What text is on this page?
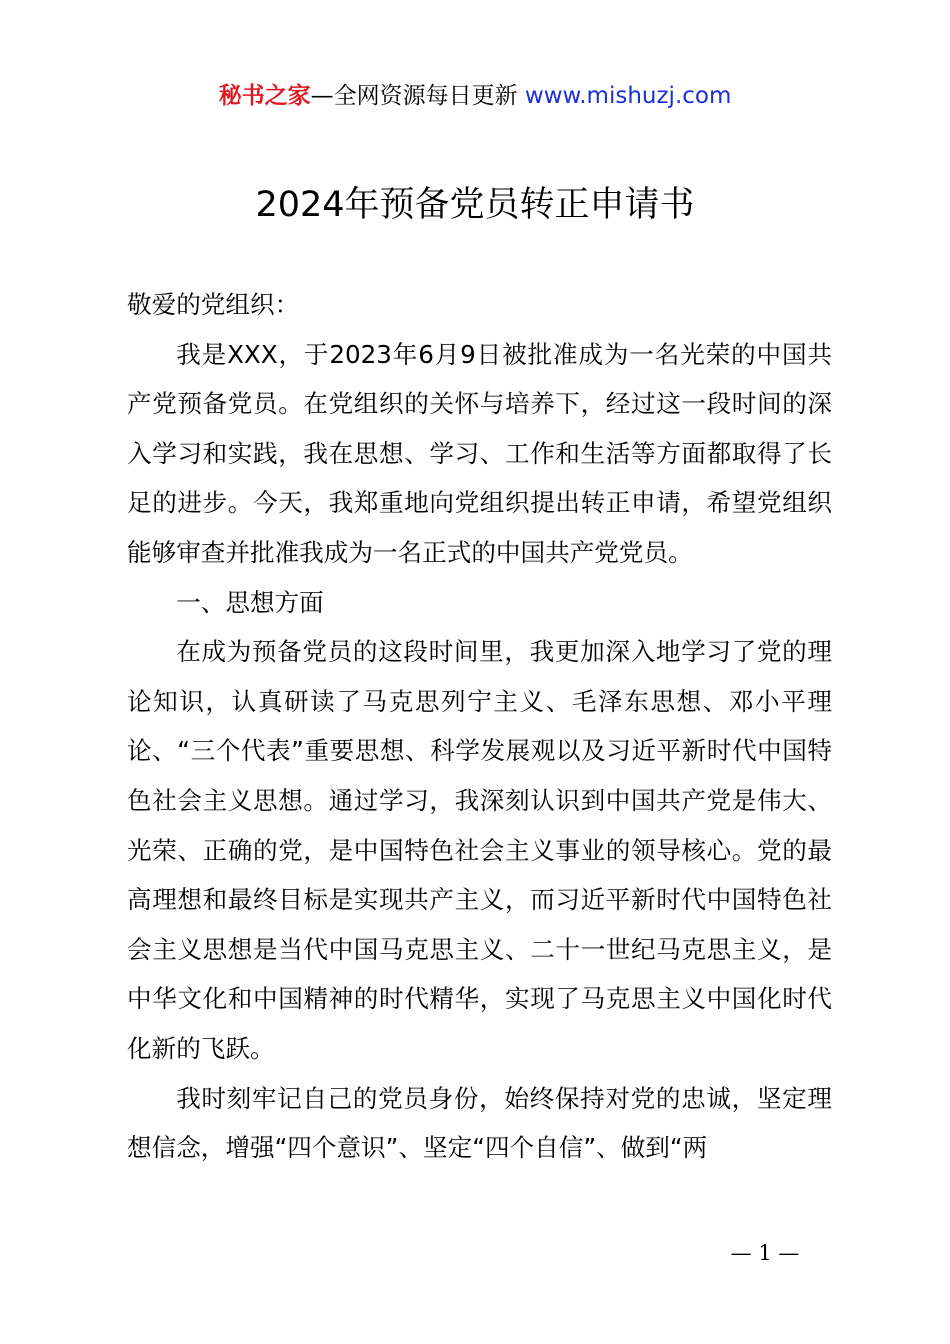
秘书之家—全网资源每日更新 www.mishuzj.com
2024年预备党员转正申请书

敬爱的党组织：

我是XXX，于2023年6月9日被批准成为一名光荣的中国共产党预备党员。在党组织的关怀与培养下，经过这一段时间的深入学习和实践，我在思想、学习、工作和生活等方面都取得了长足的进步。今天，我郑重地向党组织提出转正申请，希望党组织能够审查并批准我成为一名正式的中国共产党党员。

一、思想方面

在成为预备党员的这段时间里，我更加深入地学习了党的理论知识，认真研读了马克思列宁主义、毛泽东思想、邓小平理论、“三个代表”重要思想、科学发展观以及习近平新时代中国特色社会主义思想。通过学习，我深刻认识到中国共产党是伟大、光荣、正确的党，是中国特色社会主义事业的领导核心。党的最高理想和最终目标是实现共产主义，而习近平新时代中国特色社会主义思想是当代中国马克思主义、二十一世纪马克思主义，是中华文化和中国精神的时代精华，实现了马克思主义中国化时代化新的飞跃。

我时刻牢记自己的党员身份，始终保持对党的忠诚，坚定理想信念，增强“四个意识”、坚定“四个自信”、做到“两

— 1 —
